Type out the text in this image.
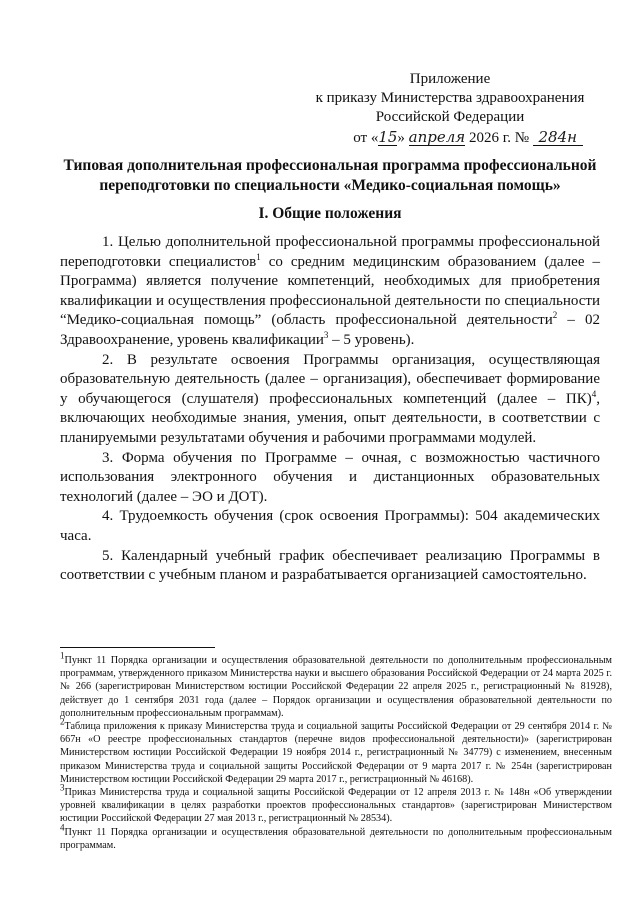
Приложение
к приказу Министерства здравоохранения
Российской Федерации
от «15» апреля 2026 г. № 284н
Типовая дополнительная профессиональная программа профессиональной переподготовки по специальности «Медико-социальная помощь»
I. Общие положения

1. Целью дополнительной профессиональной программы профессиональной переподготовки специалистов$^1$ со средним медицинским образованием (далее – Программа) является получение компетенций, необходимых для приобретения квалификации и осуществления профессиональной деятельности по специальности “Медико-социальная помощь” (область профессиональной деятельности$^2$ – 02 Здравоохранение, уровень квалификации$^3$ – 5 уровень).

2. В результате освоения Программы организация, осуществляющая образовательную деятельность (далее – организация), обеспечивает формирование у обучающегося (слушателя) профессиональных компетенций (далее – ПК)$^4$, включающих необходимые знания, умения, опыт деятельности, в соответствии с планируемыми результатами обучения и рабочими программами модулей.

3. Форма обучения по Программе – очная, с возможностью частичного использования электронного обучения и дистанционных образовательных технологий (далее – ЭО и ДОТ).

4. Трудоемкость обучения (срок освоения Программы): 504 академических часа.

5. Календарный учебный график обеспечивает реализацию Программы в соответствии с учебным планом и разрабатывается организацией самостоятельно.

$^1$Пункт 11 Порядка организации и осуществления образовательной деятельности по дополнительным профессиональным программам, утвержденного приказом Министерства науки и высшего образования Российской Федерации от 24 марта 2025 г. № 266 (зарегистрирован Министерством юстиции Российской Федерации 22 апреля 2025 г., регистрационный № 81928), действует до 1 сентября 2031 года (далее – Порядок организации и осуществления образовательной деятельности по дополнительным профессиональным программам).

$^2$Таблица приложения к приказу Министерства труда и социальной защиты Российской Федерации от 29 сентября 2014 г. № 667н «О реестре профессиональных стандартов (перечне видов профессиональной деятельности)» (зарегистрирован Министерством юстиции Российской Федерации 19 ноября 2014 г., регистрационный № 34779) с изменением, внесенным приказом Министерства труда и социальной защиты Российской Федерации от 9 марта 2017 г. № 254н (зарегистрирован Министерством юстиции Российской Федерации 29 марта 2017 г., регистрационный № 46168).

$^3$Приказ Министерства труда и социальной защиты Российской Федерации от 12 апреля 2013 г. № 148н «Об утверждении уровней квалификации в целях разработки проектов профессиональных стандартов» (зарегистрирован Министерством юстиции Российской Федерации 27 мая 2013 г., регистрационный № 28534).

$^4$Пункт 11 Порядка организации и осуществления образовательной деятельности по дополнительным профессиональным программам.
